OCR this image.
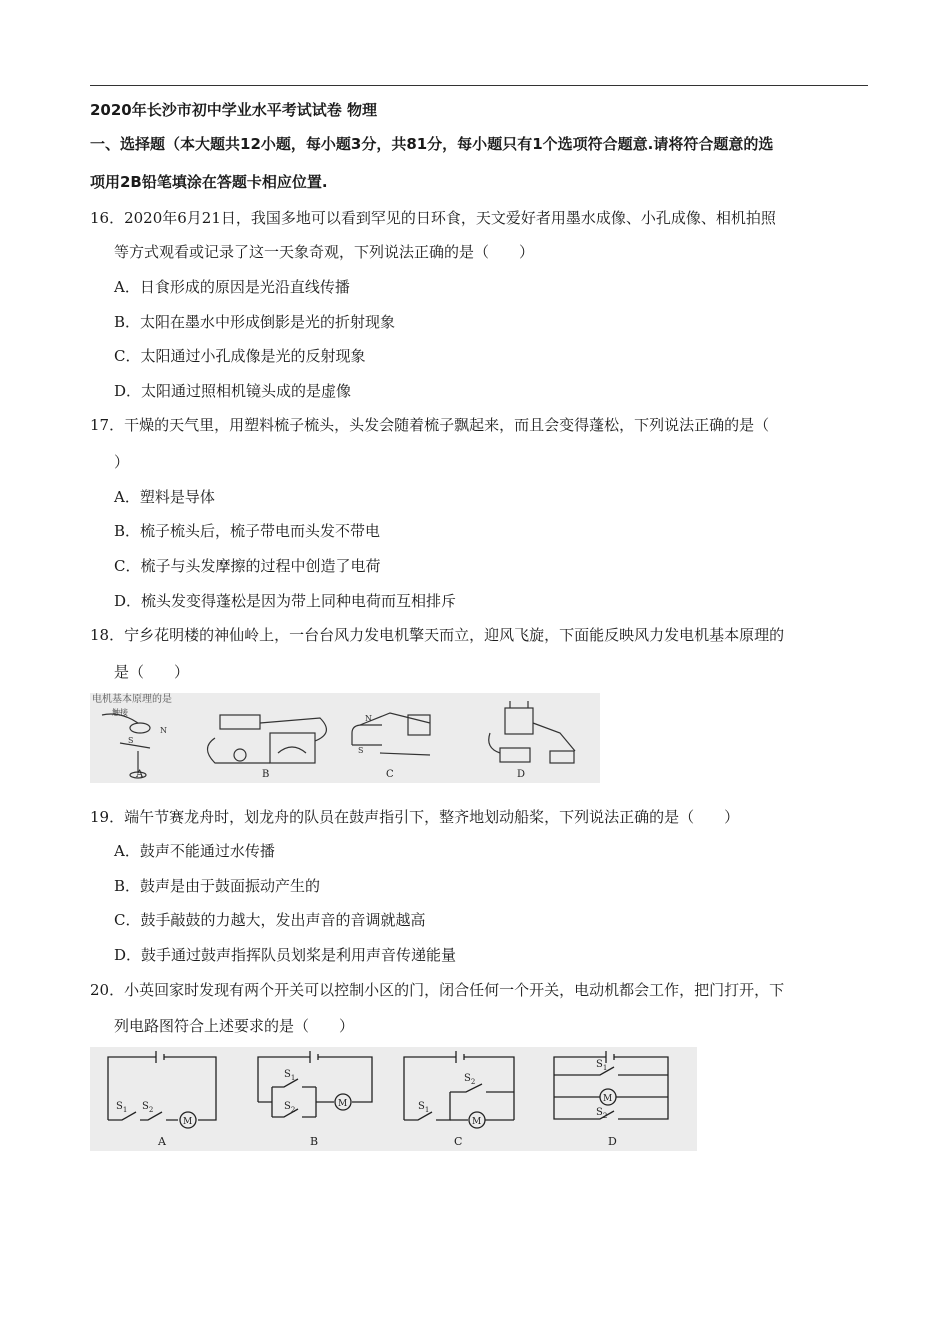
2020年长沙市初中学业水平考试试卷 物理
一、选择题（本大题共12小题，每小题3分，共81分，每小题只有1个选项符合题意.请将符合题意的选
项用2B铅笔填涂在答题卡相应位置.
16．2020年6月21日，我国多地可以看到罕见的日环食，天文爱好者用墨水成像、小孔成像、相机拍照
等方式观看或记录了这一天象奇观，下列说法正确的是（　　）
A．日食形成的原因是光沿直线传播
B．太阳在墨水中形成倒影是光的折射现象
C．太阳通过小孔成像是光的反射现象
D．太阳通过照相机镜头成的是虚像
17．干燥的天气里，用塑料梳子梳头，头发会随着梳子飘起来，而且会变得蓬松，下列说法正确的是（
）
A．塑料是导体
B．梳子梳头后，梳子带电而头发不带电
C．梳子与头发摩擦的过程中创造了电荷
D．梳头发变得蓬松是因为带上同种电荷而互相排斥
18．宁乡花明楼的神仙岭上，一台台风力发电机擎天而立，迎风飞旋，下面能反映风力发电机基本原理的
是（　　）
电机基本原理的是
触接
S
N
A	B
N
S
C	D
19．端午节赛龙舟时，划龙舟的队员在鼓声指引下，整齐地划动船桨，下列说法正确的是（　　）
A．鼓声不能通过水传播
B．鼓声是由于鼓面振动产生的
C．鼓手敲鼓的力越大，发出声音的音调就越高
D．鼓手通过鼓声指挥队员划桨是利用声音传递能量
20．小英回家时发现有两个开关可以控制小区的门，闭合任何一个开关，电动机都会工作，把门打开，下
列电路图符合上述要求的是（　　）
$S_1$ $S_2$
M
A
$S_1$
$S_2$
M
B
$S_2$
$S_1$
M
C
$S_1$
M
$S_2$
D
